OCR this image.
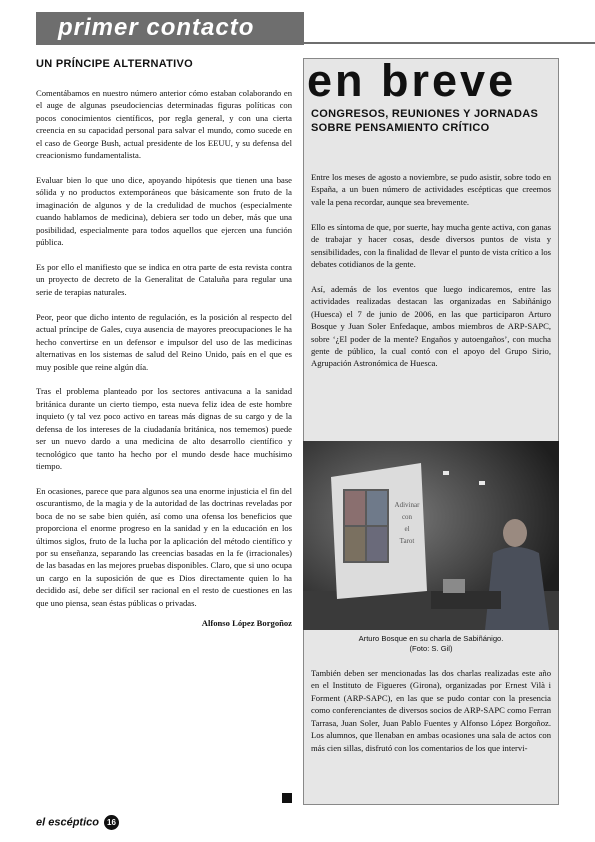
primer contacto
UN PRÍNCIPE ALTERNATIVO

Comentábamos en nuestro número anterior cómo estaban colaborando en el auge de algunas pseudociencias determinadas figuras políticas con pocos conocimientos científicos, por regla general, y con una cierta creencia en su capacidad personal para salvar el mundo, como sucede en el caso de George Bush, actual presidente de los EEUU, y su defensa del creacionismo fundamentalista.

Evaluar bien lo que uno dice, apoyando hipótesis que tienen una base sólida y no productos extemporáneos que básicamente son fruto de la imaginación de algunos y de la credulidad de muchos (especialmente cuando hablamos de medicina), debiera ser todo un deber, más que una posibilidad, especialmente para todos aquellos que ejercen una función pública.

Es por ello el manifiesto que se indica en otra parte de esta revista contra un proyecto de decreto de la Generalitat de Cataluña para regular una serie de terapias naturales.

Peor, peor que dicho intento de regulación, es la posición al respecto del actual príncipe de Gales, cuya ausencia de mayores preocupaciones le ha hecho convertirse en un defensor e impulsor del uso de las medicinas alternativas en los sistemas de salud del Reino Unido, país en el que es muy posible que reine algún día.

Tras el problema planteado por los sectores antivacuna a la sanidad británica durante un cierto tiempo, esta nueva feliz idea de este hombre inquieto (y tal vez poco activo en tareas más dignas de su cargo y de la defensa de los intereses de la ciudadanía británica, nos tememos) puede ser un nuevo dardo a una medicina de alto desarrollo científico y tecnológico que tanto ha hecho por el mundo desde hace muchísimo tiempo.

En ocasiones, parece que para algunos sea una enorme injusticia el fin del oscurantismo, de la magia y de la autoridad de las doctrinas reveladas por boca de no se sabe bien quién, así como una ofensa los beneficios que proporciona el enorme progreso en la sanidad y en la educación en los últimos siglos, fruto de la lucha por la aplicación del método científico y por su enseñanza, separando las creencias basadas en la fe (irracionales) de las basadas en las mejores pruebas disponibles. Claro, que si uno ocupa un cargo en la suposición de que es Dios directamente quien lo ha decidido así, debe ser difícil ser racional en el resto de cuestiones en las que uno piensa, sean éstas públicas o privadas.

Alfonso López Borgoñoz
en breve
CONGRESOS, REUNIONES Y JORNADAS SOBRE PENSAMIENTO CRÍTICO

Entre los meses de agosto a noviembre, se pudo asistir, sobre todo en España, a un buen número de actividades escépticas que creemos vale la pena recordar, aunque sea brevemente.

Ello es síntoma de que, por suerte, hay mucha gente activa, con ganas de trabajar y hacer cosas, desde diversos puntos de vista y sensibilidades, con la finalidad de llevar el punto de vista crítico a los debates cotidianos de la gente.

Así, además de los eventos que luego indicaremos, entre las actividades realizadas destacan las organizadas en Sabiñánigo (Huesca) el 7 de junio de 2006, en las que participaron Arturo Bosque y Juan Soler Enfedaque, ambos miembros de ARP-SAPC, sobre ‘¿El poder de la mente? Engaños y autoengaños’, con mucha gente de público, la cual contó con el apoyo del Grupo Sirio, Agrupación Astronómica de Huesca.

Adivinar
con
el
Tarot
Arturo Bosque en su charla de Sabiñánigo.
(Foto: S. Gil)

También deben ser mencionadas las dos charlas realizadas este año en el Instituto de Figueres (Girona), organizadas por Ernest Vilà i Forment (ARP-SAPC), en las que se pudo contar con la presencia como conferenciantes de diversos socios de ARP-SAPC como Ferran Tarrasa, Juan Soler, Juan Pablo Fuentes y Alfonso López Borgoñoz. Los alumnos, que llenaban en ambas ocasiones una sala de actos con más cien sillas, disfrutó con los comentarios de los que intervi-

el escéptico 16
